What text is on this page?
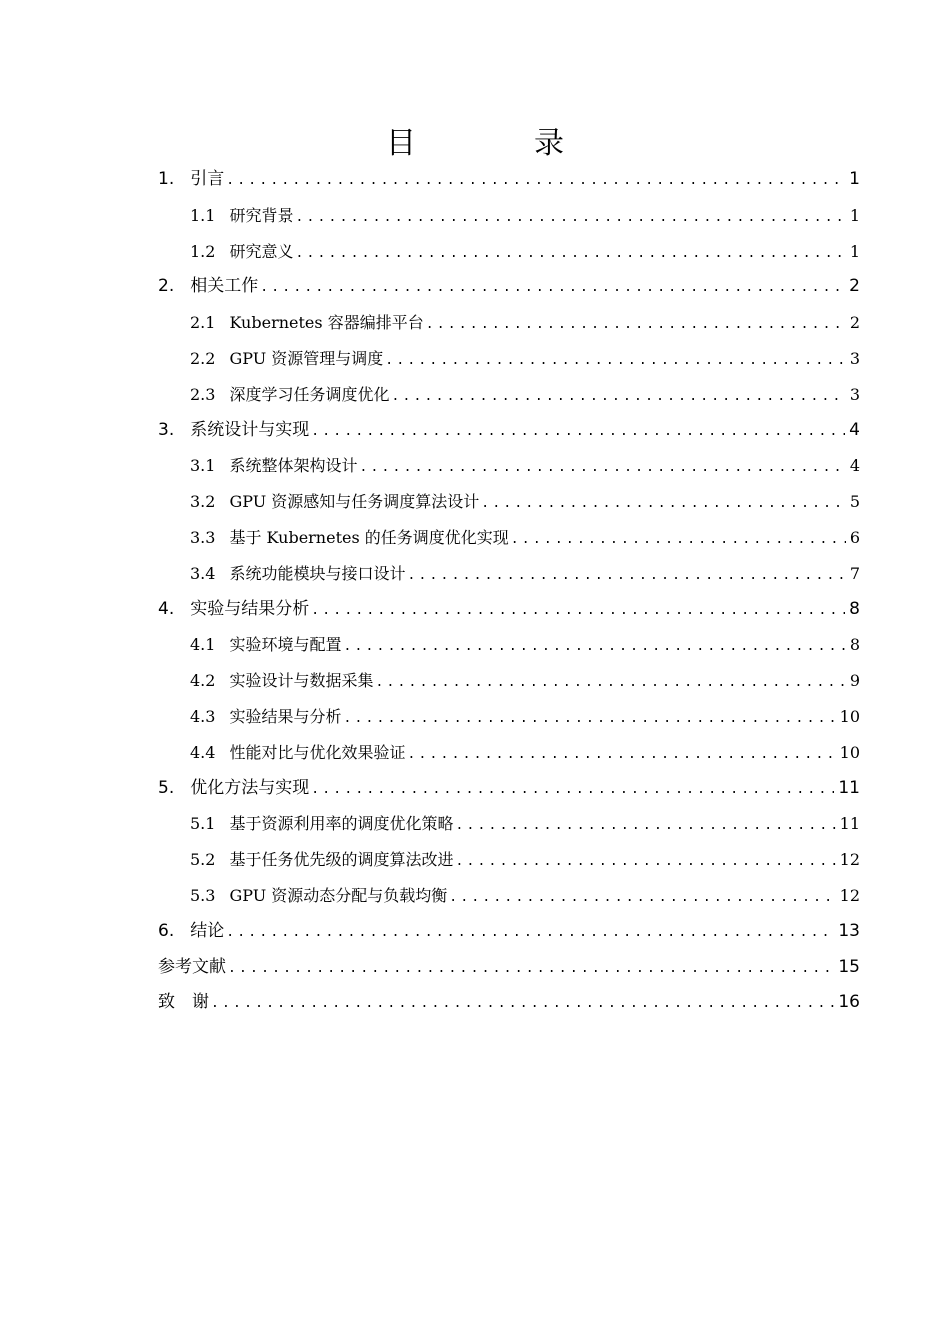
目　录
1. 引言 .....	1
1.1 研究背景 .....	1
1.2 研究意义 .....	1
2. 相关工作 .....	2
2.1 Kubernetes 容器编排平台 .....	2
2.2 GPU 资源管理与调度 .....	3
2.3 深度学习任务调度优化 .....	3
3. 系统设计与实现 .....	4
3.1 系统整体架构设计 .....	4
3.2 GPU 资源感知与任务调度算法设计 .....	5
3.3 基于 Kubernetes 的任务调度优化实现 .....	6
3.4 系统功能模块与接口设计 .....	7
4. 实验与结果分析 .....	8
4.1 实验环境与配置 .....	8
4.2 实验设计与数据采集 .....	9
4.3 实验结果与分析 .....	10
4.4 性能对比与优化效果验证 .....	10
5. 优化方法与实现 .....	11
5.1 基于资源利用率的调度优化策略 .....	11
5.2 基于任务优先级的调度算法改进 .....	12
5.3 GPU 资源动态分配与负载均衡 .....	12
6. 结论 .....	13
参考文献 .....	15
致　谢 .....	16
